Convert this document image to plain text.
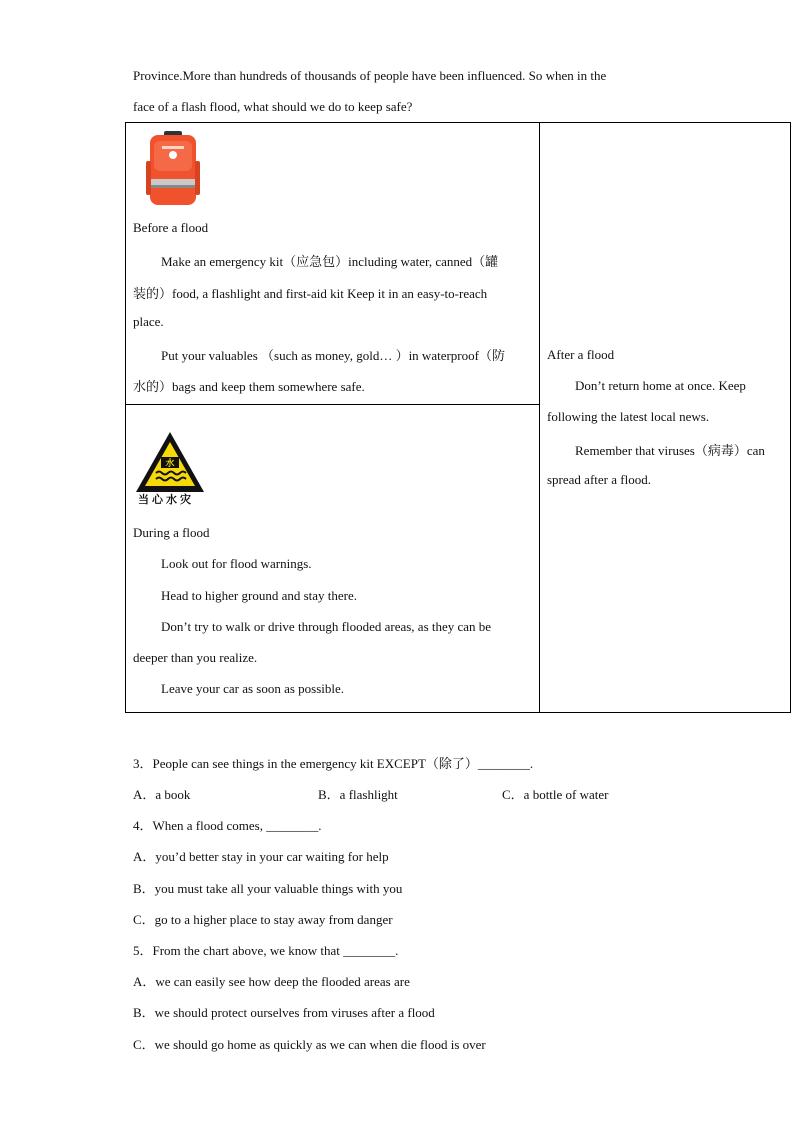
Province.More than hundreds of thousands of people have been influenced. So when in the
face of a flash flood, what should we do to keep safe?
Before a flood
Make an emergency kit（应急包）including water, canned（罐
装的）food, a flashlight and first-aid kit Keep it in an easy-to-reach
place.
Put your valuables （such as money, gold… ）in waterproof（防
水的）bags and keep them somewhere safe.
水
当心水灾
During a flood
Look out for flood warnings.
Head to higher ground and stay there.
Don’t try to walk or drive through flooded areas, as they can be
deeper than you realize.
Leave your car as soon as possible.
After a flood
Don’t return home at once. Keep
following the latest local news.
Remember that viruses（病毒）can
spread after a flood.
3．People can see things in the emergency kit EXCEPT（除了）________.
A．a book	B．a flashlight	C．a bottle of water
4．When a flood comes, ________.
A．you’d better stay in your car waiting for help
B．you must take all your valuable things with you
C．go to a higher place to stay away from danger
5．From the chart above, we know that ________.
A．we can easily see how deep the flooded areas are
B．we should protect ourselves from viruses after a flood
C．we should go home as quickly as we can when die flood is over
